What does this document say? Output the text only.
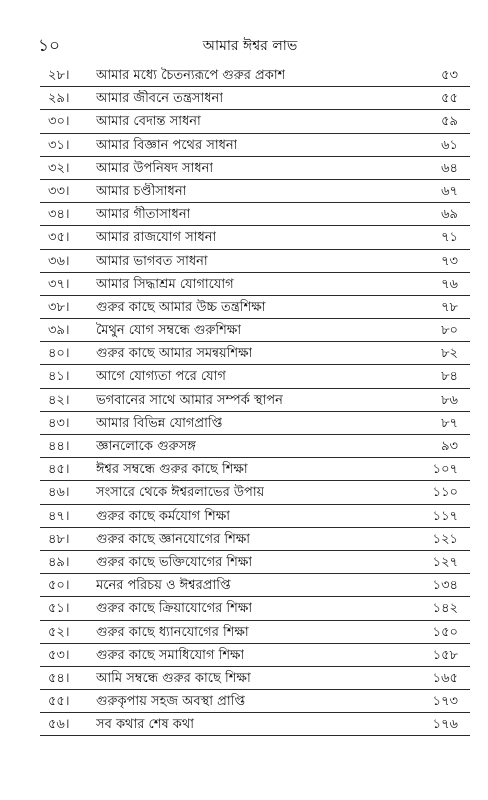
১০	আমার ঈশ্বর লাভ
২৮।	আমার মধ্যে চৈতন্যরূপে গুরুর প্রকাশ	৫৩
২৯।	আমার জীবনে তন্ত্রসাধনা	৫৫
৩০।	আমার বেদান্ত সাধনা	৫৯
৩১।	আমার বিজ্ঞান পথের সাধনা	৬১
৩২।	আমার উপনিষদ সাধনা	৬৪
৩৩।	আমার চণ্ডীসাধনা	৬৭
৩৪।	আমার গীতাসাধনা	৬৯
৩৫।	আমার রাজযোগ সাধনা	৭১
৩৬।	আমার ভাগবত সাধনা	৭৩
৩৭।	আমার সিদ্ধাশ্রম যোগাযোগ	৭৬
৩৮।	গুরুর কাছে আমার উচ্চ তন্ত্রশিক্ষা	৭৮
৩৯।	মৈথুন যোগ সম্বন্ধে গুরুশিক্ষা	৮০
৪০।	গুরুর কাছে আমার সমন্বয়শিক্ষা	৮২
৪১।	আগে যোগ্যতা পরে যোগ	৮৪
৪২।	ভগবানের সাথে আমার সম্পর্ক স্থাপন	৮৬
৪৩।	আমার বিভিন্ন যোগপ্রাপ্তি	৮৭
৪৪।	জ্ঞানলোকে গুরুসঙ্গ	৯৩
৪৫।	ঈশ্বর সম্বন্ধে গুরুর কাছে শিক্ষা	১০৭
৪৬।	সংসারে থেকে ঈশ্বরলাভের উপায়	১১০
৪৭।	গুরুর কাছে কর্মযোগ শিক্ষা	১১৭
৪৮।	গুরুর কাছে জ্ঞানযোগের শিক্ষা	১২১
৪৯।	গুরুর কাছে ভক্তিযোগের শিক্ষা	১২৭
৫০।	মনের পরিচয় ও ঈশ্বরপ্রাপ্তি	১৩৪
৫১।	গুরুর কাছে ক্রিয়াযোগের শিক্ষা	১৪২
৫২।	গুরুর কাছে ধ্যানযোগের শিক্ষা	১৫০
৫৩।	গুরুর কাছে সমাধিযোগ শিক্ষা	১৫৮
৫৪।	আমি সম্বন্ধে গুরুর কাছে শিক্ষা	১৬৫
৫৫।	গুরুকৃপায় সহজ অবস্থা প্রাপ্তি	১৭৩
৫৬।	সব কথার শেষ কথা	১৭৬
